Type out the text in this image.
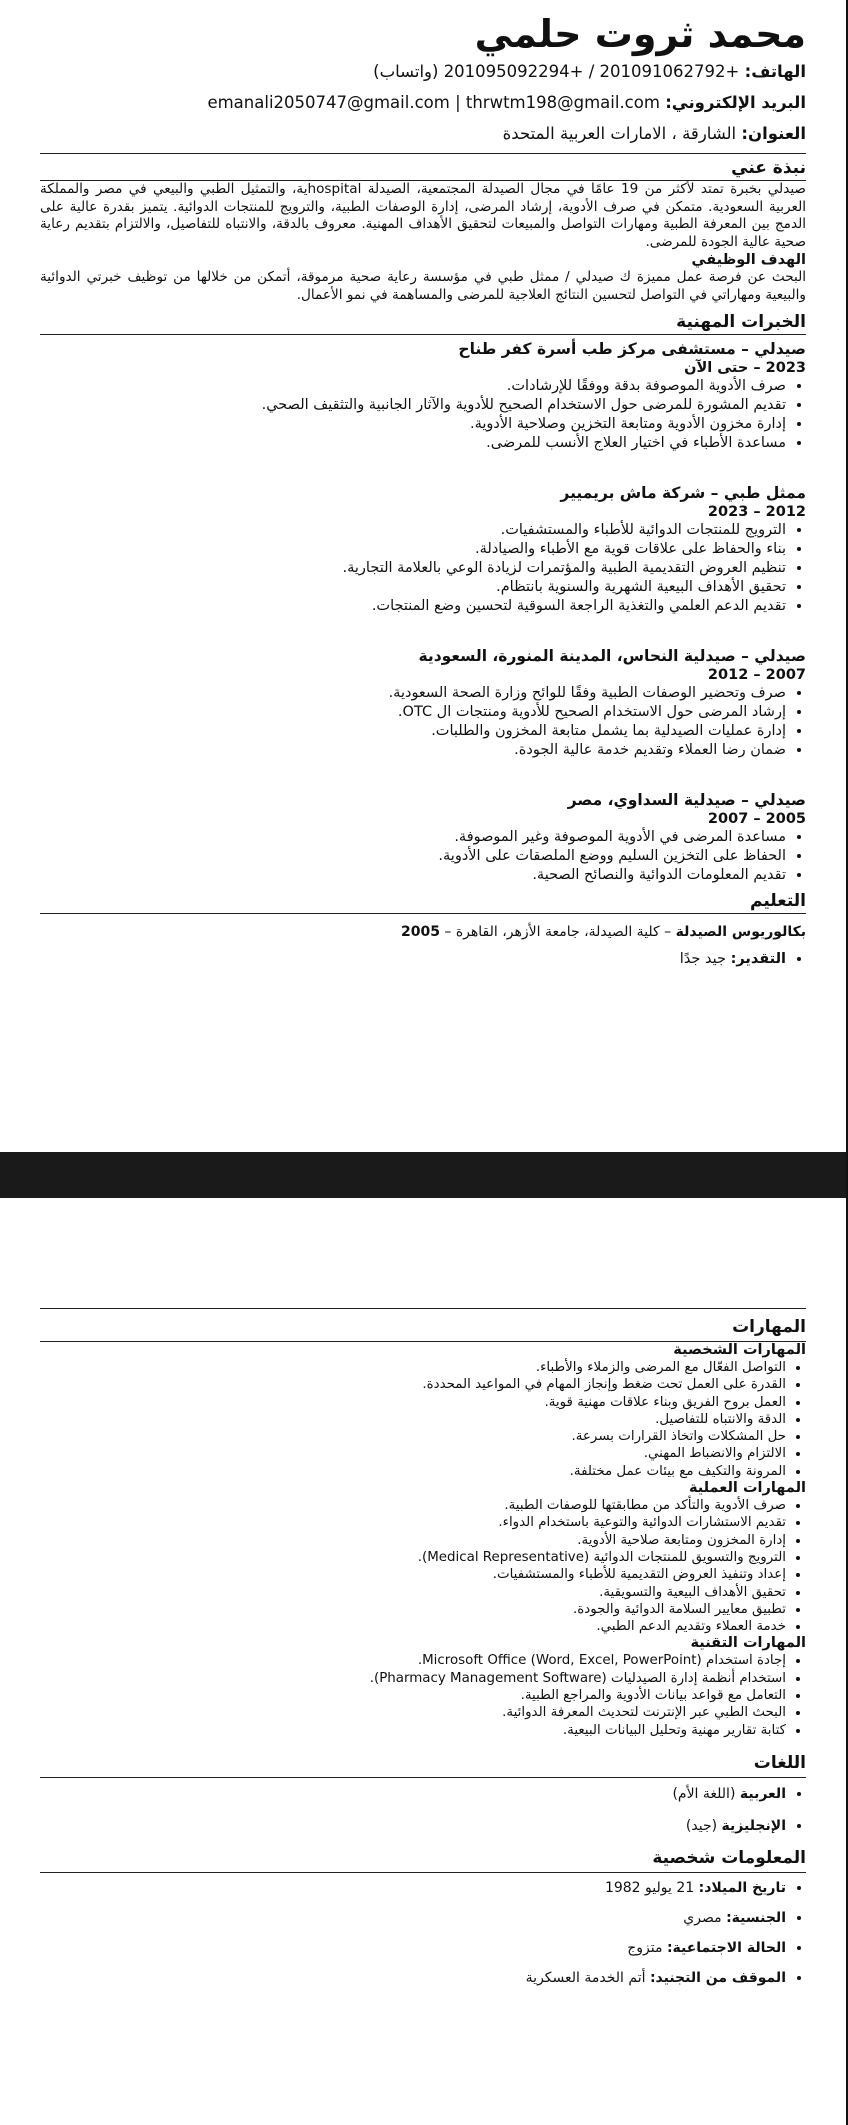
محمد ثروت حلمي
الهاتف: +201091062792 / +201095092294 (واتساب)
البريد الإلكتروني: emanali2050747@gmail.com | thrwtm198@gmail.com
العنوان: الشارقة ، الامارات العربية المتحدة
نبذة عني
صيدلي بخبرة تمتد لأكثر من 19 عامًا في مجال الصيدلة المجتمعية، الصيدلة hospitalية، والتمثيل الطبي والبيعي في مصر والمملكة العربية السعودية. متمكن في صرف الأدوية، إرشاد المرضى، إدارة الوصفات الطبية، والترويج للمنتجات الدوائية. يتميز بقدرة عالية على الدمج بين المعرفة الطبية ومهارات التواصل والمبيعات لتحقيق الأهداف المهنية. معروف بالدقة، والانتباه للتفاصيل، والالتزام بتقديم رعاية صحية عالية الجودة للمرضى.
الهدف الوظيفي
البحث عن فرصة عمل مميزة ك صيدلي / ممثل طبي في مؤسسة رعاية صحية مرموقة، أتمكن من خلالها من توظيف خبرتي الدوائية والبيعية ومهاراتي في التواصل لتحسين النتائج العلاجية للمرضى والمساهمة في نمو الأعمال.
الخبرات المهنية
صيدلي – مستشفى مركز طب أسرة كفر طناح
2023 – حتى الآن
• صرف الأدوية الموصوفة بدقة ووفقًا للإرشادات.
• تقديم المشورة للمرضى حول الاستخدام الصحيح للأدوية والآثار الجانبية والتثقيف الصحي.
• إدارة مخزون الأدوية ومتابعة التخزين وصلاحية الأدوية.
• مساعدة الأطباء في اختيار العلاج الأنسب للمرضى.
ممثل طبي – شركة ماش بريميير
2012 – 2023
• الترويج للمنتجات الدوائية للأطباء والمستشفيات.
• بناء والحفاظ على علاقات قوية مع الأطباء والصيادلة.
• تنظيم العروض التقديمية الطبية والمؤتمرات لزيادة الوعي بالعلامة التجارية.
• تحقيق الأهداف البيعية الشهرية والسنوية بانتظام.
• تقديم الدعم العلمي والتغذية الراجعة السوقية لتحسين وضع المنتجات.
صيدلي – صيدلية النحاس، المدينة المنورة، السعودية
2007 – 2012
• صرف وتحضير الوصفات الطبية وفقًا للوائح وزارة الصحة السعودية.
• إرشاد المرضى حول الاستخدام الصحيح للأدوية ومنتجات ال OTC.
• إدارة عمليات الصيدلية بما يشمل متابعة المخزون والطلبات.
• ضمان رضا العملاء وتقديم خدمة عالية الجودة.
صيدلي – صيدلية السداوي، مصر
2005 – 2007
• مساعدة المرضى في الأدوية الموصوفة وغير الموصوفة.
• الحفاظ على التخزين السليم ووضع الملصقات على الأدوية.
• تقديم المعلومات الدوائية والنصائح الصحية.
التعليم
بكالوريوس الصيدلة – كلية الصيدلة، جامعة الأزهر، القاهرة – 2005
• التقدير: جيد جدًا
المهارات
المهارات الشخصية
• التواصل الفعّال مع المرضى والزملاء والأطباء.
• القدرة على العمل تحت ضغط وإنجاز المهام في المواعيد المحددة.
• العمل بروح الفريق وبناء علاقات مهنية قوية.
• الدقة والانتباه للتفاصيل.
• حل المشكلات واتخاذ القرارات بسرعة.
• الالتزام والانضباط المهني.
• المرونة والتكيف مع بيئات عمل مختلفة.
المهارات العملية
• صرف الأدوية والتأكد من مطابقتها للوصفات الطبية.
• تقديم الاستشارات الدوائية والتوعية باستخدام الدواء.
• إدارة المخزون ومتابعة صلاحية الأدوية.
• الترويج والتسويق للمنتجات الدوائية (Medical Representative).
• إعداد وتنفيذ العروض التقديمية للأطباء والمستشفيات.
• تحقيق الأهداف البيعية والتسويقية.
• تطبيق معايير السلامة الدوائية والجودة.
• خدمة العملاء وتقديم الدعم الطبي.
المهارات التقنية
• إجادة استخدام Microsoft Office (Word, Excel, PowerPoint).
• استخدام أنظمة إدارة الصيدليات (Pharmacy Management Software).
• التعامل مع قواعد بيانات الأدوية والمراجع الطبية.
• البحث الطبي عبر الإنترنت لتحديث المعرفة الدوائية.
• كتابة تقارير مهنية وتحليل البيانات البيعية.
اللغات
• العربية (اللغة الأم)
• الإنجليزية (جيد)
المعلومات شخصية
• تاريخ الميلاد: 21 يوليو 1982
• الجنسية: مصري
• الحالة الاجتماعية: متزوج
• الموقف من التجنيد: أتم الخدمة العسكرية
